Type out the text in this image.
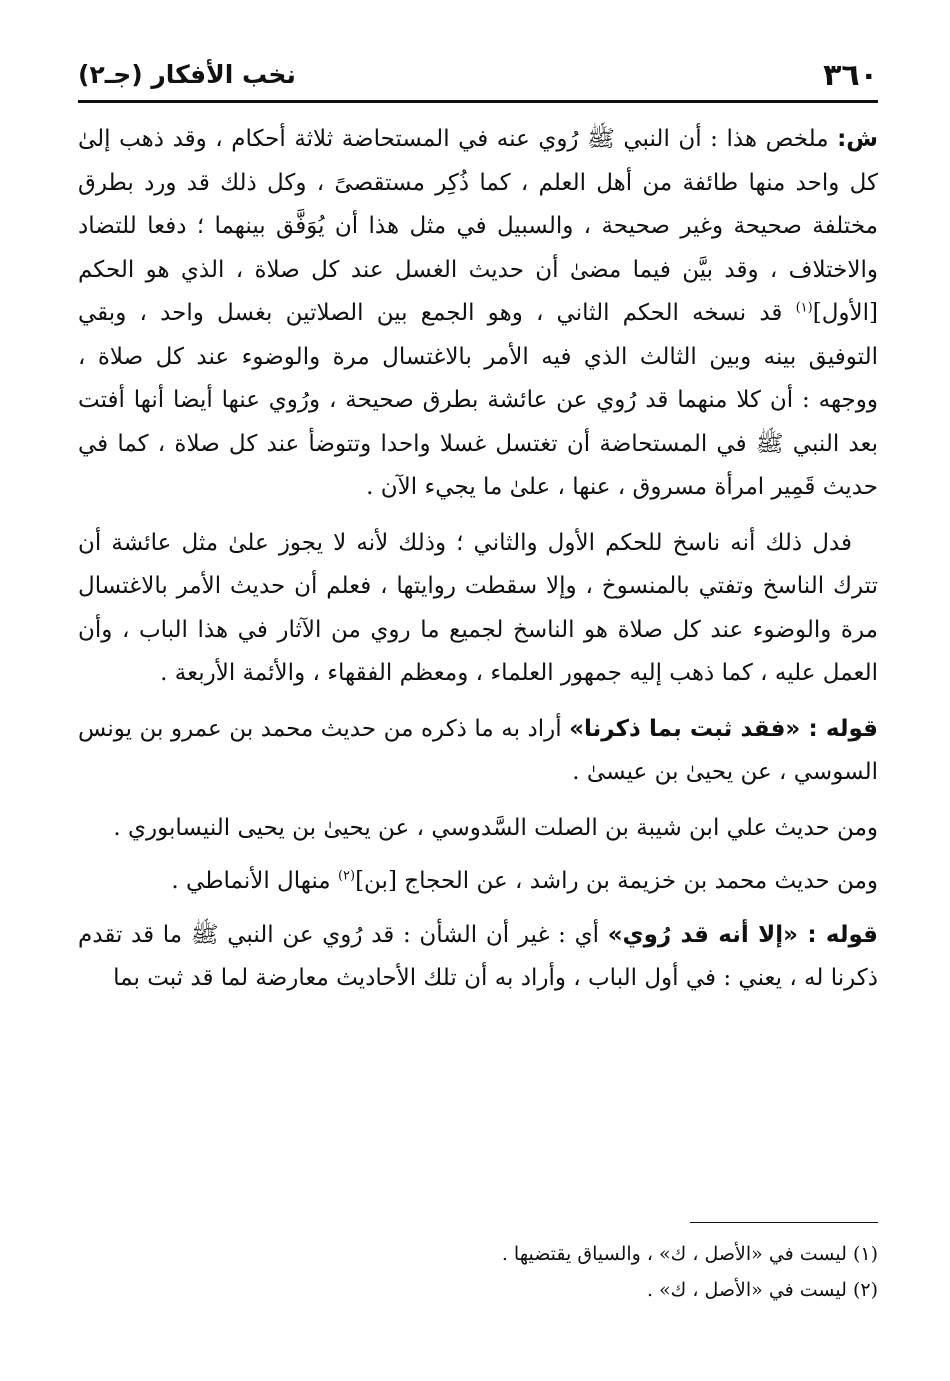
٣٦٠
نخب الأفكار (جـ٢)

ش: ملخص هذا : أن النبي ﷺ رُوي عنه في المستحاضة ثلاثة أحكام ، وقد ذهب إلىٰ كل واحد منها طائفة من أهل العلم ، كما ذُكِر مستقصىً ، وكل ذلك قد ورد بطرق مختلفة صحيحة وغير صحيحة ، والسبيل في مثل هذا أن يُوَفَّق بينهما ؛ دفعا للتضاد والاختلاف ، وقد بيَّن فيما مضىٰ أن حديث الغسل عند كل صلاة ، الذي هو الحكم [الأول]$^{(١)}$ قد نسخه الحكم الثاني ، وهو الجمع بين الصلاتين بغسل واحد ، وبقي التوفيق بينه وبين الثالث الذي فيه الأمر بالاغتسال مرة والوضوء عند كل صلاة ، ووجهه : أن كلا منهما قد رُوي عن عائشة بطرق صحيحة ، ورُوي عنها أيضا أنها أفتت بعد النبي ﷺ في المستحاضة أن تغتسل غسلا واحدا وتتوضأ عند كل صلاة ، كما في حديث قَمِير امرأة مسروق ، عنها ، علىٰ ما يجيء الآن .

فدل ذلك أنه ناسخ للحكم الأول والثاني ؛ وذلك لأنه لا يجوز علىٰ مثل عائشة أن تترك الناسخ وتفتي بالمنسوخ ، وإلا سقطت روايتها ، فعلم أن حديث الأمر بالاغتسال مرة والوضوء عند كل صلاة هو الناسخ لجميع ما روي من الآثار في هذا الباب ، وأن العمل عليه ، كما ذهب إليه جمهور العلماء ، ومعظم الفقهاء ، والأئمة الأربعة .

قوله : «فقد ثبت بما ذكرنا» أراد به ما ذكره من حديث محمد بن عمرو بن يونس السوسي ، عن يحيىٰ بن عيسىٰ .

ومن حديث علي ابن شيبة بن الصلت السَّدوسي ، عن يحيىٰ بن يحيى النيسابوري .

ومن حديث محمد بن خزيمة بن راشد ، عن الحجاج [بن]$^{(٢)}$ منهال الأنماطي .

قوله : «إلا أنه قد رُوي» أي : غير أن الشأن : قد رُوي عن النبي ﷺ ما قد تقدم ذكرنا له ، يعني : في أول الباب ، وأراد به أن تلك الأحاديث معارضة لما قد ثبت بما

(١) ليست في «الأصل ، ك» ، والسياق يقتضيها .
(٢) ليست في «الأصل ، ك» .
